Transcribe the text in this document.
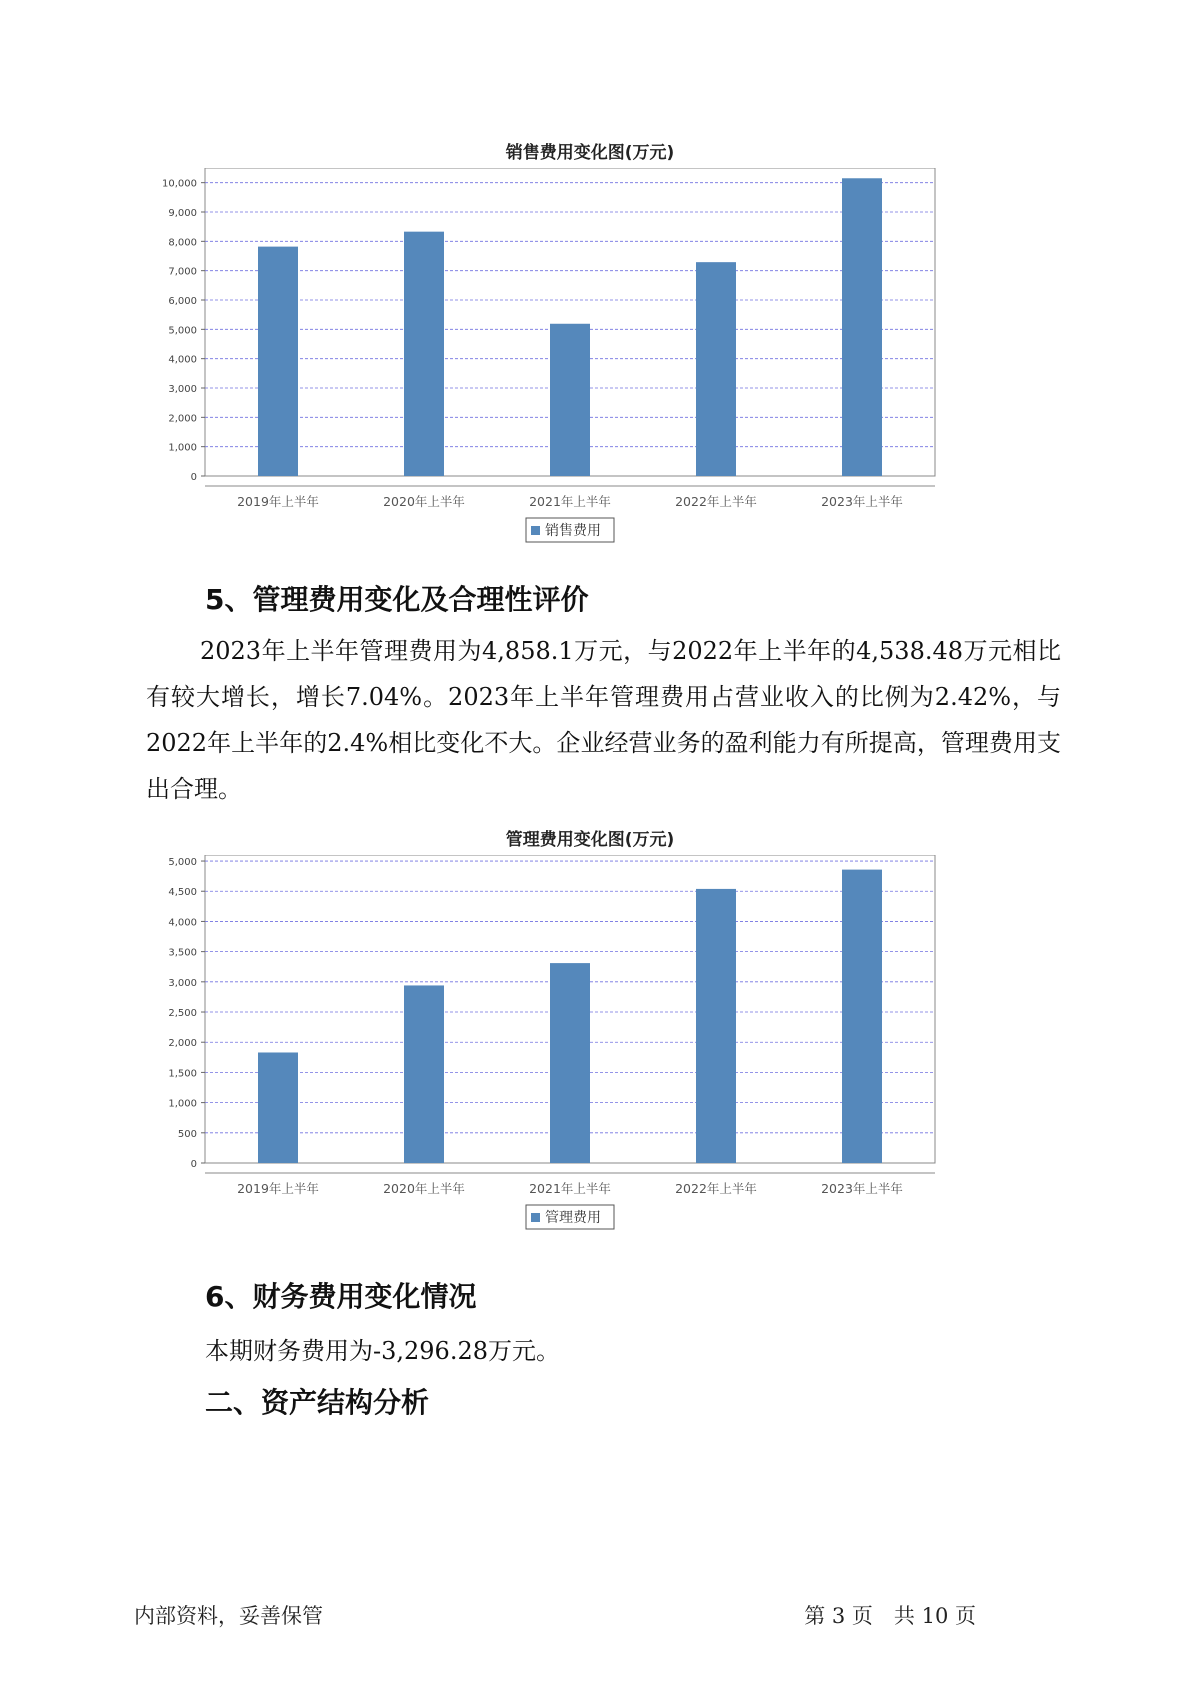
销售费用变化图(万元)
0
1,000
2,000
3,000
4,000
5,000
6,000
7,000
8,000
9,000
10,000
2019年上半年	2020年上半年	2021年上半年	2022年上半年	2023年上半年
销售费用
5、管理费用变化及合理性评价
2023年上半年管理费用为4,858.1万元，与2022年上半年的4,538.48万元相比有较大增长，增长7.04%。2023年上半年管理费用占营业收入的比例为2.42%，与2022年上半年的2.4%相比变化不大。企业经营业务的盈利能力有所提高，管理费用支出合理。
管理费用变化图(万元)
0
500
1,000
1,500
2,000
2,500
3,000
3,500
4,000
4,500
5,000
2019年上半年	2020年上半年	2021年上半年	2022年上半年	2023年上半年
管理费用
6、财务费用变化情况
本期财务费用为-3,296.28万元。
二、资产结构分析
内部资料，妥善保管	第 3 页　共 10 页
